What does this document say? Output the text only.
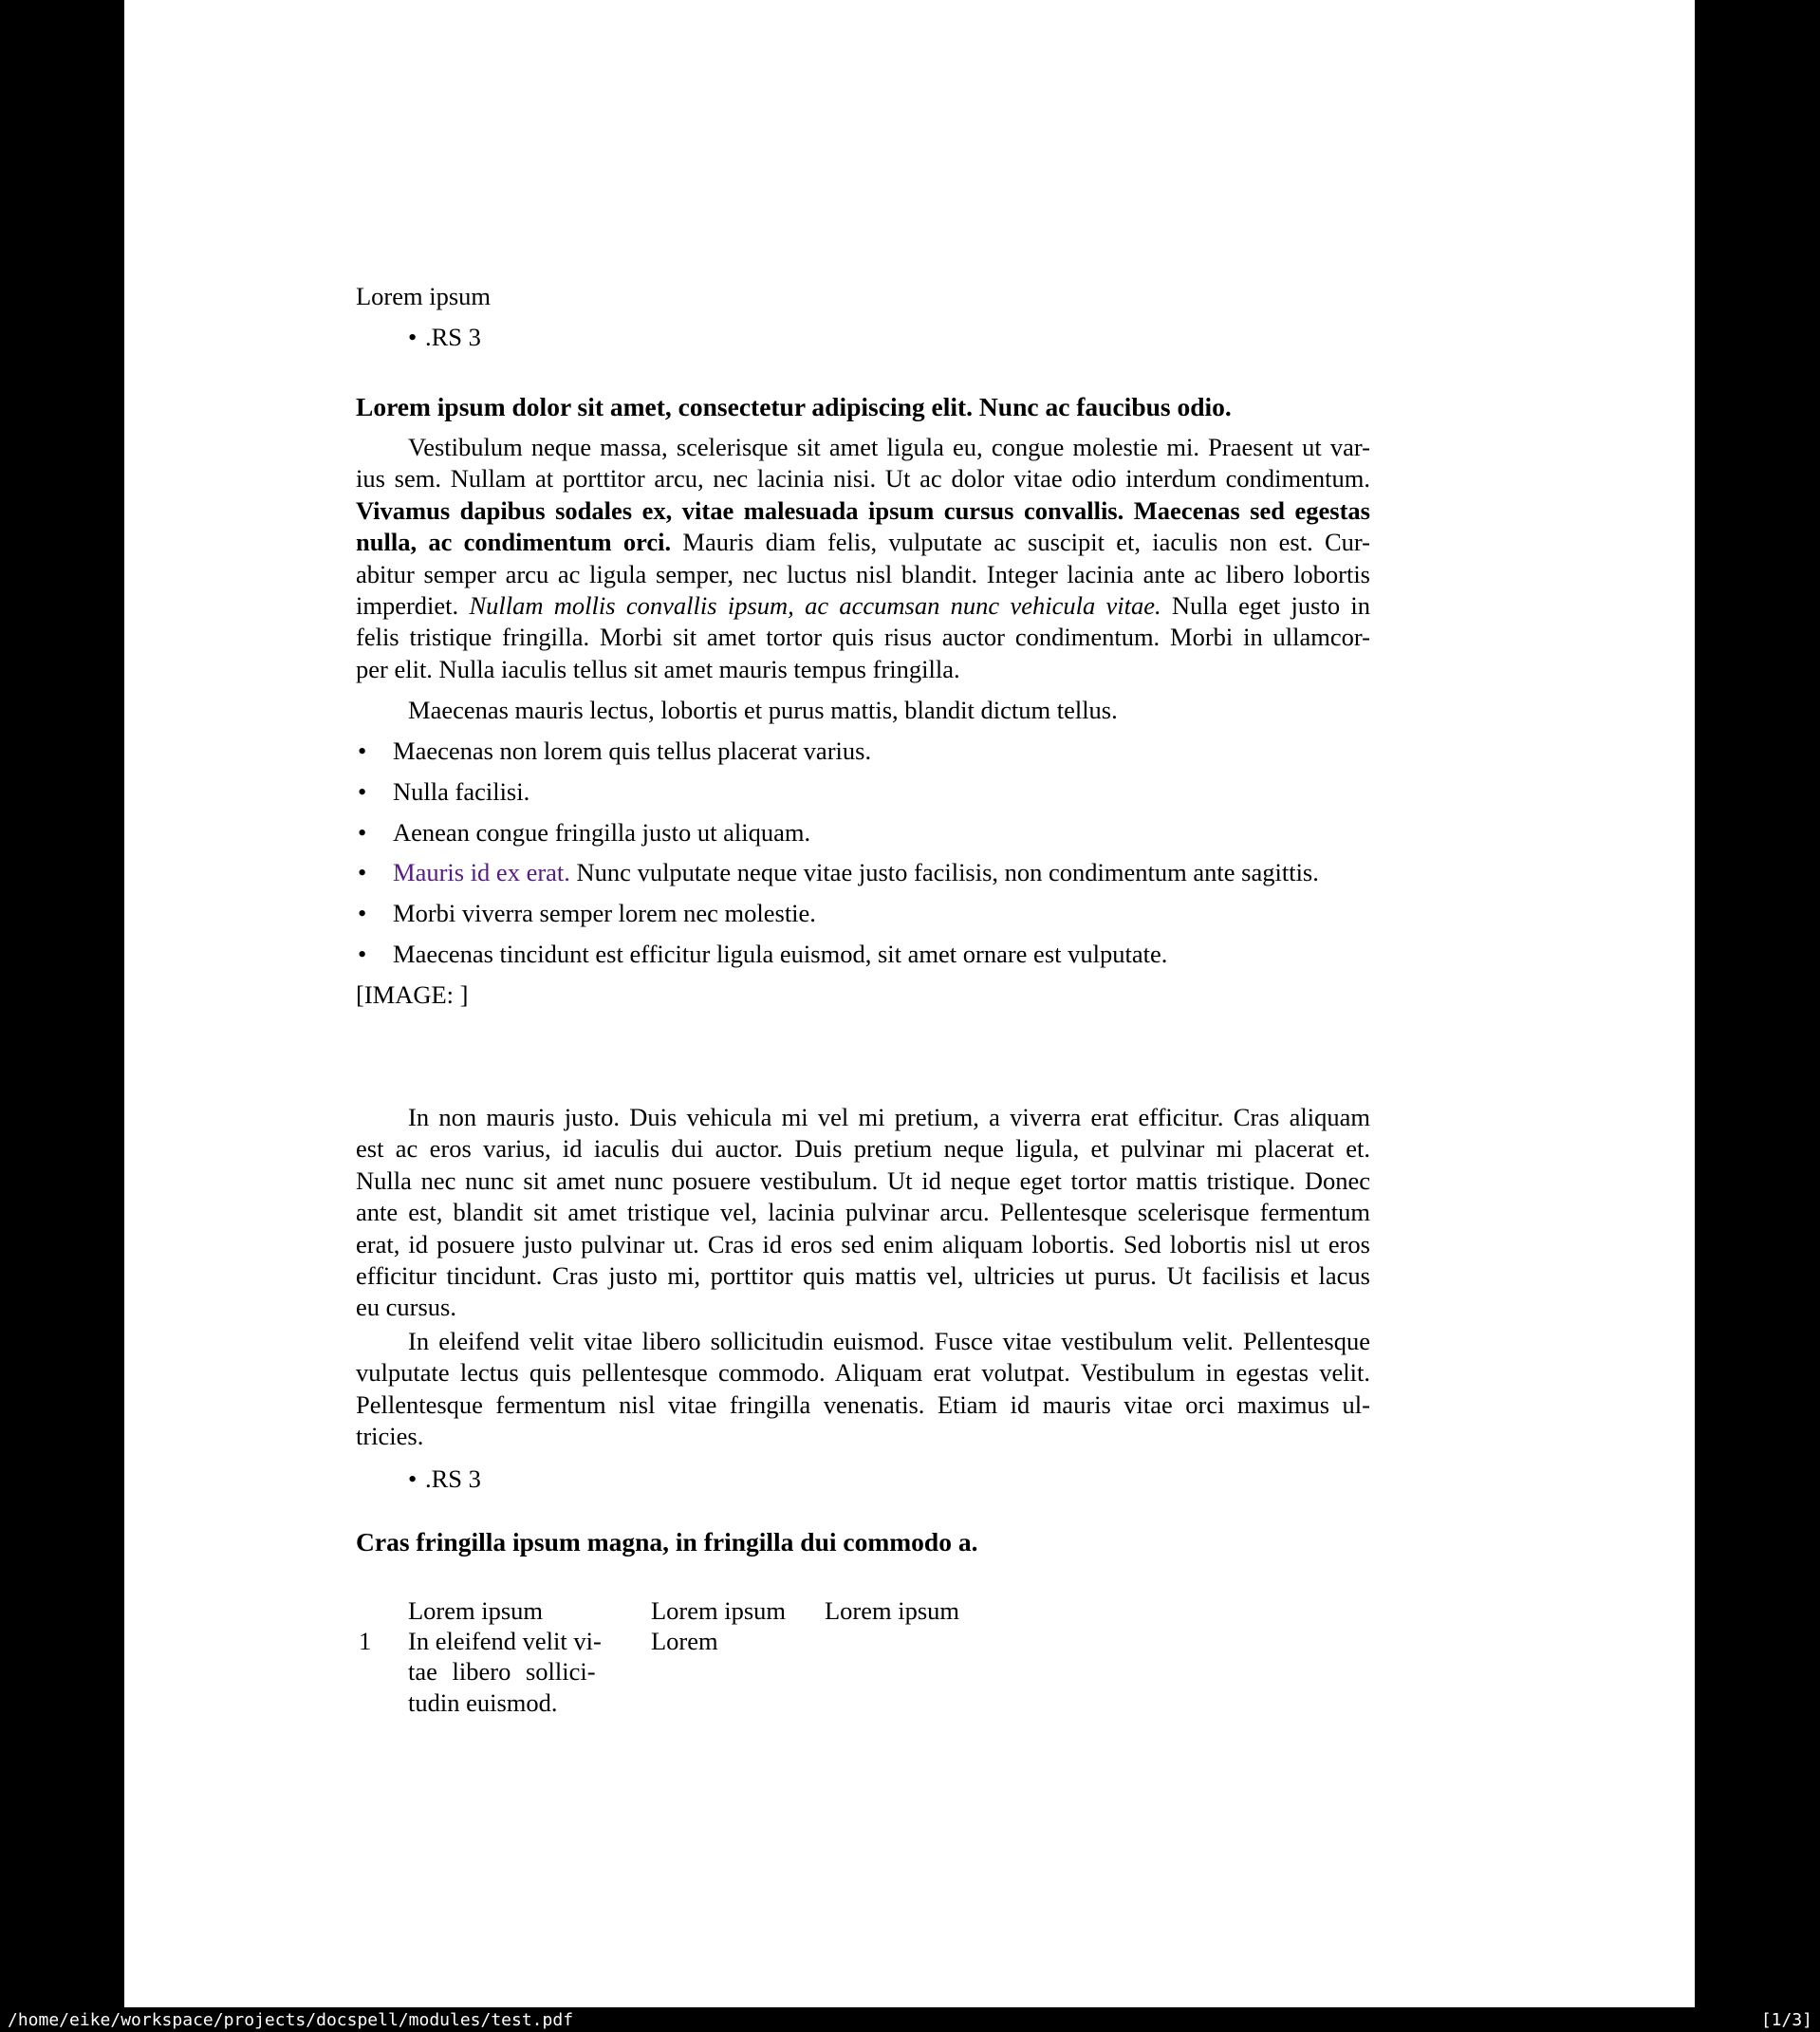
Lorem ipsum
• .RS 3
Lorem ipsum dolor sit amet, consectetur adipiscing elit. Nunc ac faucibus odio.
Vestibulum neque massa, scelerisque sit amet ligula eu, congue molestie mi. Praesent ut var-
ius sem. Nullam at porttitor arcu, nec lacinia nisi. Ut ac dolor vitae odio interdum condimentum.
Vivamus dapibus sodales ex, vitae malesuada ipsum cursus convallis. Maecenas sed egestas
nulla, ac condimentum orci. Mauris diam felis, vulputate ac suscipit et, iaculis non est. Cur-
abitur semper arcu ac ligula semper, nec luctus nisl blandit. Integer lacinia ante ac libero lobortis
imperdiet. Nullam mollis convallis ipsum, ac accumsan nunc vehicula vitae. Nulla eget justo in
felis tristique fringilla. Morbi sit amet tortor quis risus auctor condimentum. Morbi in ullamcor-
per elit. Nulla iaculis tellus sit amet mauris tempus fringilla.
Maecenas mauris lectus, lobortis et purus mattis, blandit dictum tellus.
• Maecenas non lorem quis tellus placerat varius.
• Nulla facilisi.
• Aenean congue fringilla justo ut aliquam.
• Mauris id ex erat. Nunc vulputate neque vitae justo facilisis, non condimentum ante sagittis.
• Morbi viverra semper lorem nec molestie.
• Maecenas tincidunt est efficitur ligula euismod, sit amet ornare est vulputate.
[IMAGE: ]
In non mauris justo. Duis vehicula mi vel mi pretium, a viverra erat efficitur. Cras aliquam
est ac eros varius, id iaculis dui auctor. Duis pretium neque ligula, et pulvinar mi placerat et.
Nulla nec nunc sit amet nunc posuere vestibulum. Ut id neque eget tortor mattis tristique. Donec
ante est, blandit sit amet tristique vel, lacinia pulvinar arcu. Pellentesque scelerisque fermentum
erat, id posuere justo pulvinar ut. Cras id eros sed enim aliquam lobortis. Sed lobortis nisl ut eros
efficitur tincidunt. Cras justo mi, porttitor quis mattis vel, ultricies ut purus. Ut facilisis et lacus
eu cursus.
In eleifend velit vitae libero sollicitudin euismod. Fusce vitae vestibulum velit. Pellentesque
vulputate lectus quis pellentesque commodo. Aliquam erat volutpat. Vestibulum in egestas velit.
Pellentesque fermentum nisl vitae fringilla venenatis. Etiam id mauris vitae orci maximus ul-
tricies.
• .RS 3
Cras fringilla ipsum magna, in fringilla dui commodo a.
Lorem ipsum	Lorem ipsum Lorem ipsum
1 In eleifend velit vi-
tae libero sollici-
tudin euismod.
Lorem
/home/eike/workspace/projects/docspell/modules/test.pdf	[1/3]
